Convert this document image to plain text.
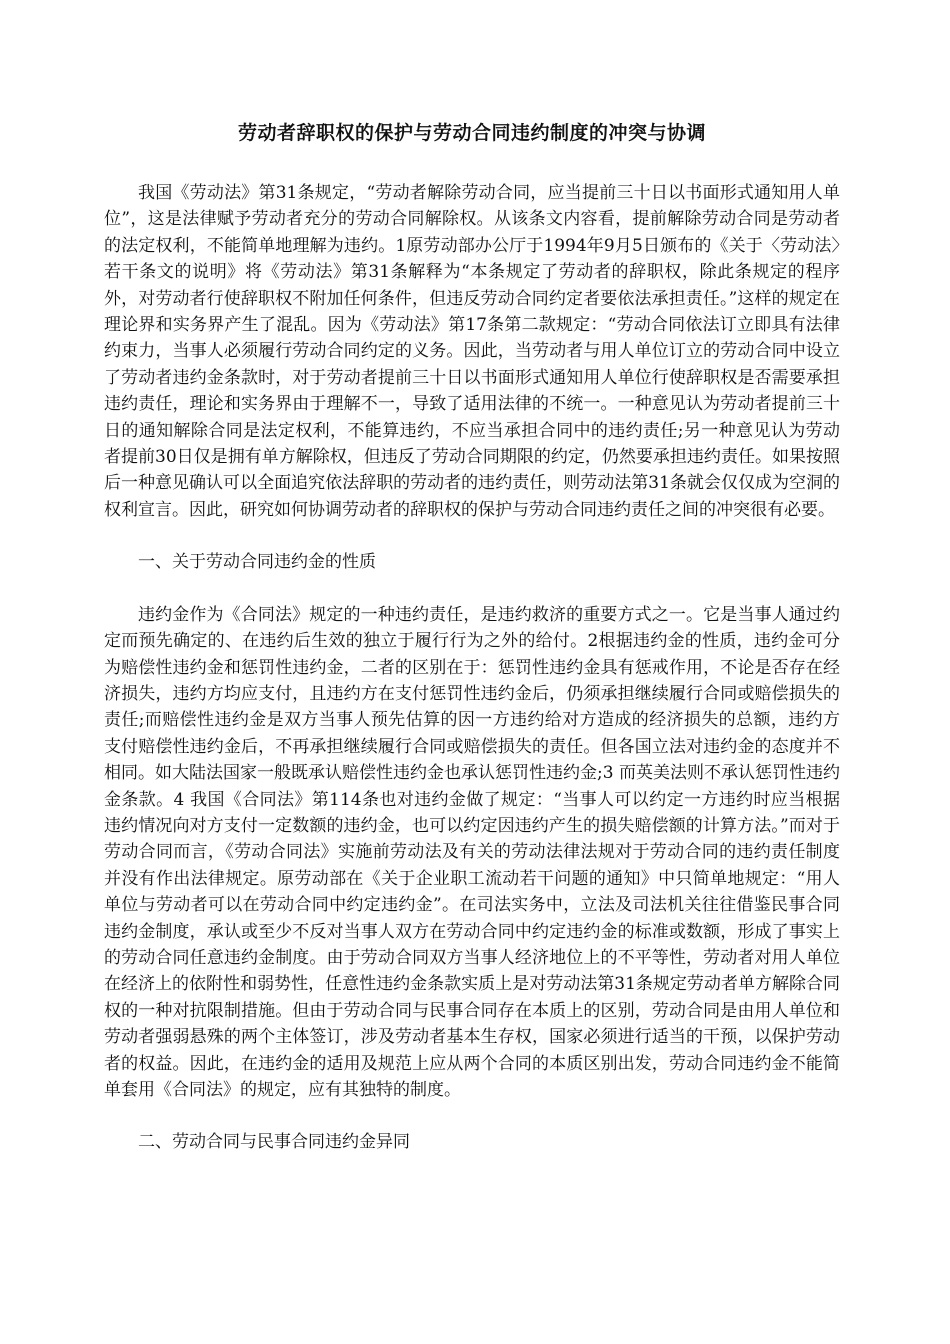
劳动者辞职权的保护与劳动合同违约制度的冲突与协调

我国《劳动法》第31条规定，“劳动者解除劳动合同，应当提前三十日以书面形式通知用人单位”，这是法律赋予劳动者充分的劳动合同解除权。从该条文内容看，提前解除劳动合同是劳动者的法定权利，不能简单地理解为违约。1原劳动部办公厅于1994年9月5日颁布的《关于〈劳动法〉若干条文的说明》将《劳动法》第31条解释为“本条规定了劳动者的辞职权，除此条规定的程序外，对劳动者行使辞职权不附加任何条件，但违反劳动合同约定者要依法承担责任。”这样的规定在理论界和实务界产生了混乱。因为《劳动法》第17条第二款规定：“劳动合同依法订立即具有法律约束力，当事人必须履行劳动合同约定的义务。因此，当劳动者与用人单位订立的劳动合同中设立了劳动者违约金条款时，对于劳动者提前三十日以书面形式通知用人单位行使辞职权是否需要承担违约责任，理论和实务界由于理解不一，导致了适用法律的不统一。一种意见认为劳动者提前三十日的通知解除合同是法定权利，不能算违约，不应当承担合同中的违约责任;另一种意见认为劳动者提前30日仅是拥有单方解除权，但违反了劳动合同期限的约定，仍然要承担违约责任。如果按照后一种意见确认可以全面追究依法辞职的劳动者的违约责任，则劳动法第31条就会仅仅成为空洞的权利宣言。因此，研究如何协调劳动者的辞职权的保护与劳动合同违约责任之间的冲突很有必要。

一、关于劳动合同违约金的性质

违约金作为《合同法》规定的一种违约责任，是违约救济的重要方式之一。它是当事人通过约定而预先确定的、在违约后生效的独立于履行行为之外的给付。2根据违约金的性质，违约金可分为赔偿性违约金和惩罚性违约金，二者的区别在于：惩罚性违约金具有惩戒作用，不论是否存在经济损失，违约方均应支付，且违约方在支付惩罚性违约金后，仍须承担继续履行合同或赔偿损失的责任;而赔偿性违约金是双方当事人预先估算的因一方违约给对方造成的经济损失的总额，违约方支付赔偿性违约金后，不再承担继续履行合同或赔偿损失的责任。但各国立法对违约金的态度并不相同。如大陆法国家一般既承认赔偿性违约金也承认惩罚性违约金;3 而英美法则不承认惩罚性违约金条款。4 我国《合同法》第114条也对违约金做了规定：“当事人可以约定一方违约时应当根据违约情况向对方支付一定数额的违约金，也可以约定因违约产生的损失赔偿额的计算方法。”而对于劳动合同而言，《劳动合同法》实施前劳动法及有关的劳动法律法规对于劳动合同的违约责任制度并没有作出法律规定。原劳动部在《关于企业职工流动若干问题的通知》中只简单地规定：“用人单位与劳动者可以在劳动合同中约定违约金”。在司法实务中，立法及司法机关往往借鉴民事合同违约金制度，承认或至少不反对当事人双方在劳动合同中约定违约金的标准或数额，形成了事实上的劳动合同任意违约金制度。由于劳动合同双方当事人经济地位上的不平等性，劳动者对用人单位在经济上的依附性和弱势性，任意性违约金条款实质上是对劳动法第31条规定劳动者单方解除合同权的一种对抗限制措施。但由于劳动合同与民事合同存在本质上的区别，劳动合同是由用人单位和劳动者强弱悬殊的两个主体签订，涉及劳动者基本生存权，国家必须进行适当的干预，以保护劳动者的权益。因此，在违约金的适用及规范上应从两个合同的本质区别出发，劳动合同违约金不能简单套用《合同法》的规定，应有其独特的制度。

二、劳动合同与民事合同违约金异同
